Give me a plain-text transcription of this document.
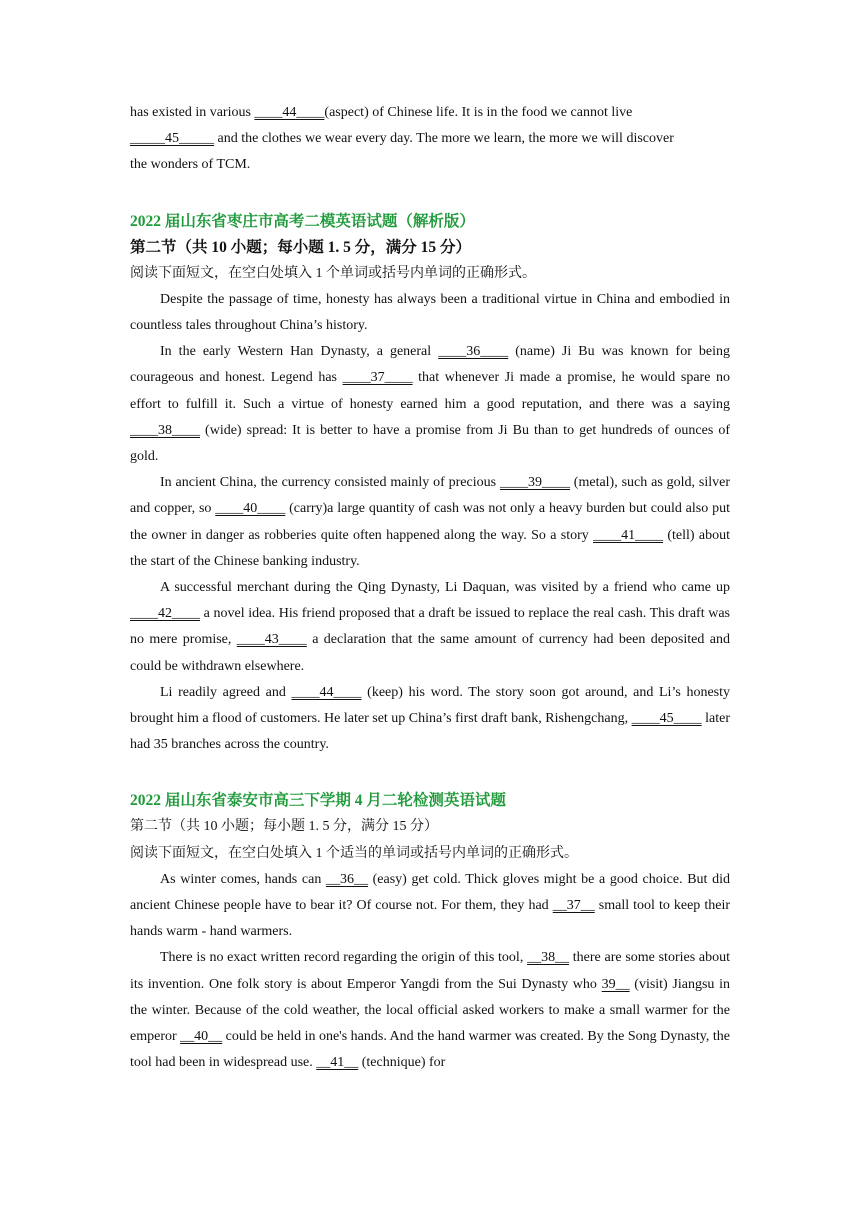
has existed in various ____44____(aspect) of Chinese life. It is in the food we cannot live

_____45_____ and the clothes we wear every day. The more we learn, the more we will discover

the wonders of TCM.

2022 届山东省枣庄市高考二模英语试题（解析版）

第二节（共 10 小题；每小题 1. 5 分，满分 15 分）

阅读下面短文，在空白处填入 1 个单词或括号内单词的正确形式。

Despite the passage of time, honesty has always been a traditional virtue in China and embodied in countless tales throughout China’s history.

In the early Western Han Dynasty, a general ____36____ (name) Ji Bu was known for being courageous and honest. Legend has ____37____ that whenever Ji made a promise, he would spare no effort to fulfill it. Such a virtue of honesty earned him a good reputation, and there was a saying ____38____ (wide) spread: It is better to have a promise from Ji Bu than to get hundreds of ounces of gold.

In ancient China, the currency consisted mainly of precious ____39____ (metal), such as gold, silver and copper, so ____40____ (carry)a large quantity of cash was not only a heavy burden but could also put the owner in danger as robberies quite often happened along the way. So a story ____41____ (tell) about the start of the Chinese banking industry.

A successful merchant during the Qing Dynasty, Li Daquan, was visited by a friend who came up ____42____ a novel idea. His friend proposed that a draft be issued to replace the real cash. This draft was no mere promise, ____43____ a declaration that the same amount of currency had been deposited and could be withdrawn elsewhere.

Li readily agreed and ____44____ (keep) his word. The story soon got around, and Li’s honesty brought him a flood of customers. He later set up China’s first draft bank, Rishengchang, ____45____ later had 35 branches across the country.

2022 届山东省泰安市高三下学期 4 月二轮检测英语试题

第二节（共 10 小题；每小题 1. 5 分，满分 15 分）

阅读下面短文，在空白处填入 1 个适当的单词或括号内单词的正确形式。

As winter comes, hands can __36__ (easy) get cold. Thick gloves might be a good choice. But did ancient Chinese people have to bear it? Of course not. For them, they had __37__ small tool to keep their hands warm - hand warmers.

There is no exact written record regarding the origin of this tool, __38__ there are some stories about its invention. One folk story is about Emperor Yangdi from the Sui Dynasty who 39__ (visit) Jiangsu in the winter. Because of the cold weather, the local official asked workers to make a small warmer for the emperor __40__ could be held in one's hands. And the hand warmer was created. By the Song Dynasty, the tool had been in widespread use. __41__ (technique) for
